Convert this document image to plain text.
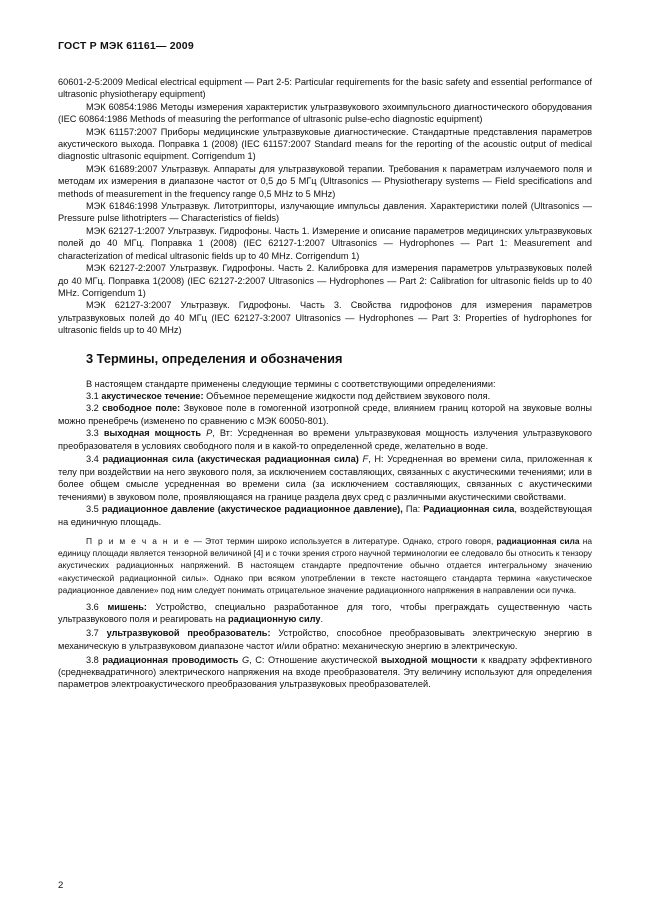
ГОСТ Р МЭК 61161— 2009

60601-2-5:2009 Medical electrical equipment — Part 2-5: Particular requirements for the basic safety and essential performance of ultrasonic physiotherapy equipment)

МЭК 60854:1986 Методы измерения характеристик ультразвукового эхоимпульсного диагностического оборудования (IEC 60864:1986 Methods of measuring the performance of ultrasonic pulse-echo diagnostic equipment)

МЭК 61157:2007 Приборы медицинские ультразвуковые диагностические. Стандартные представления параметров акустического выхода. Поправка 1 (2008) (IEC 61157:2007 Standard means for the reporting of the acoustic output of medical diagnostic ultrasonic equipment. Corrigendum 1)

МЭК 61689:2007 Ультразвук. Аппараты для ультразвуковой терапии. Требования к параметрам излучаемого поля и методам их измерения в диапазоне частот от 0,5 до 5 МГц (Ultrasonics — Physiotherapy systems — Field specifications and methods of measurement in the frequency range 0,5 MHz to 5 MHz)

МЭК 61846:1998 Ультразвук. Литотрипторы, излучающие импульсы давления. Характеристики полей (Ultrasonics — Pressure pulse lithotripters — Characteristics of fields)

МЭК 62127-1:2007 Ультразвук. Гидрофоны. Часть 1. Измерение и описание параметров медицинских ультразвуковых полей до 40 МГц. Поправка 1 (2008) (IEC 62127-1:2007 Ultrasonics — Hydrophones — Part 1: Measurement and characterization of medical ultrasonic fields up to 40 MHz. Corrigendum 1)

МЭК 62127-2:2007 Ультразвук. Гидрофоны. Часть 2. Калибровка для измерения параметров ультразвуковых полей до 40 МГц. Поправка 1(2008) (IEC 62127-2:2007 Ultrasonics — Hydrophones — Part 2: Calibration for ultrasonic fields up to 40 MHz. Corrigendum 1)

МЭК 62127-3:2007 Ультразвук. Гидрофоны. Часть 3. Свойства гидрофонов для измерения параметров ультразвуковых полей до 40 МГц (IEC 62127-3:2007 Ultrasonics — Hydrophones — Part 3: Properties of hydrophones for ultrasonic fields up to 40 MHz)

3 Термины, определения и обозначения

В настоящем стандарте применены следующие термины с соответствующими определениями:

3.1 акустическое течение: Объемное перемещение жидкости под действием звукового поля.

3.2 свободное поле: Звуковое поле в гомогенной изотропной среде, влиянием границ которой на звуковые волны можно пренебречь (изменено по сравнению с МЭК 60050-801).

3.3 выходная мощность P, Вт: Усредненная во времени ультразвуковая мощность излучения ультразвукового преобразователя в условиях свободного поля и в какой-то определенной среде, желательно в воде.

3.4 радиационная сила (акустическая радиационная сила) F, Н: Усредненная во времени сила, приложенная к телу при воздействии на него звукового поля, за исключением составляющих, связанных с акустическими течениями; или в более общем смысле усредненная во времени сила (за исключением составляющих, связанных с акустическими течениями) в звуковом поле, проявляющаяся на границе раздела двух сред с различными акустическими свойствами.

3.5 радиационное давление (акустическое радиационное давление), Па: Радиационная сила, воздействующая на единичную площадь.

П р и м е ч а н и е — Этот термин широко используется в литературе. Однако, строго говоря, радиационная сила на единицу площади является тензорной величиной [4] и с точки зрения строго научной терминологии ее следовало бы относить к тензору акустических радиационных напряжений. В настоящем стандарте предпочтение обычно отдается интегральному значению «акустической радиационной силы». Однако при всяком употреблении в тексте настоящего стандарта термина «акустическое радиационное давление» под ним следует понимать отрицательное значение радиационного напряжения в направлении оси пучка.

3.6 мишень: Устройство, специально разработанное для того, чтобы преграждать существенную часть ультразвукового поля и реагировать на радиационную силу.

3.7 ультразвуковой преобразователь: Устройство, способное преобразовывать электрическую энергию в механическую в ультразвуковом диапазоне частот и/или обратно: механическую энергию в электрическую.

3.8 радиационная проводимость G, С: Отношение акустической выходной мощности к квадрату эффективного (среднеквадратичного) электрического напряжения на входе преобразователя. Эту величину используют для определения параметров электроакустического преобразования ультразвуковых преобразователей.

2
